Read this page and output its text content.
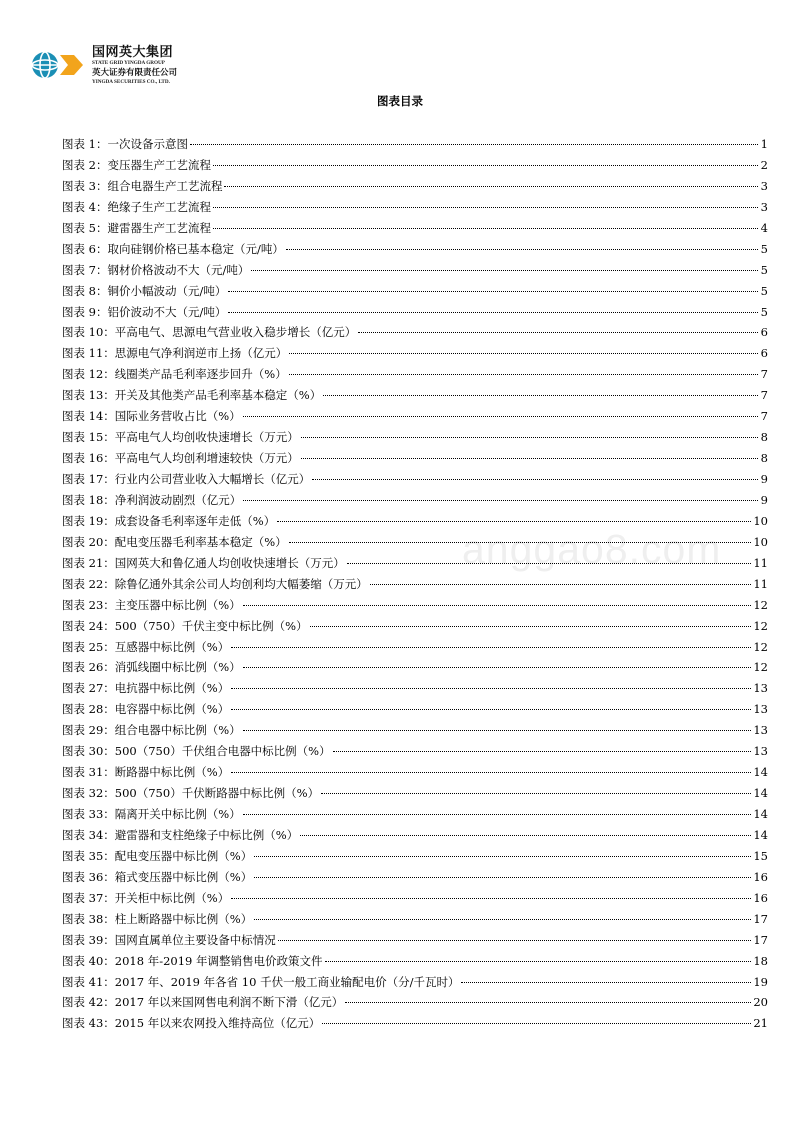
国网英大集团
STATE GRID YINGDA GROUP
英大证券有限责任公司
YINGDA SECURITIES CO., LTD.
图表目录
anggao8.com
图表 1：一次设备示意图	1
图表 2：变压器生产工艺流程	2
图表 3：组合电器生产工艺流程	3
图表 4：绝缘子生产工艺流程	3
图表 5：避雷器生产工艺流程	4
图表 6：取向硅钢价格已基本稳定（元/吨）	5
图表 7：钢材价格波动不大（元/吨）	5
图表 8：铜价小幅波动（元/吨）	5
图表 9：铝价波动不大（元/吨）	5
图表 10：平高电气、思源电气营业收入稳步增长（亿元）	6
图表 11：思源电气净利润逆市上扬（亿元）	6
图表 12：线圈类产品毛利率逐步回升（%）	7
图表 13：开关及其他类产品毛利率基本稳定（%）	7
图表 14：国际业务营收占比（%）	7
图表 15：平高电气人均创收快速增长（万元）	8
图表 16：平高电气人均创利增速较快（万元）	8
图表 17：行业内公司营业收入大幅增长（亿元）	9
图表 18：净利润波动剧烈（亿元）	9
图表 19：成套设备毛利率逐年走低（%）	10
图表 20：配电变压器毛利率基本稳定（%）	10
图表 21：国网英大和鲁亿通人均创收快速增长（万元）	11
图表 22：除鲁亿通外其余公司人均创利均大幅萎缩（万元）	11
图表 23：主变压器中标比例（%）	12
图表 24：500（750）千伏主变中标比例（%）	12
图表 25：互感器中标比例（%）	12
图表 26：消弧线圈中标比例（%）	12
图表 27：电抗器中标比例（%）	13
图表 28：电容器中标比例（%）	13
图表 29：组合电器中标比例（%）	13
图表 30：500（750）千伏组合电器中标比例（%）	13
图表 31：断路器中标比例（%）	14
图表 32：500（750）千伏断路器中标比例（%）	14
图表 33：隔离开关中标比例（%）	14
图表 34：避雷器和支柱绝缘子中标比例（%）	14
图表 35：配电变压器中标比例（%）	15
图表 36：箱式变压器中标比例（%）	16
图表 37：开关柜中标比例（%）	16
图表 38：柱上断路器中标比例（%）	17
图表 39：国网直属单位主要设备中标情况	17
图表 40：2018 年-2019 年调整销售电价政策文件	18
图表 41：2017 年、2019 年各省 10 千伏一般工商业输配电价（分/千瓦时）	19
图表 42：2017 年以来国网售电利润不断下滑（亿元）	20
图表 43：2015 年以来农网投入维持高位（亿元）	21
